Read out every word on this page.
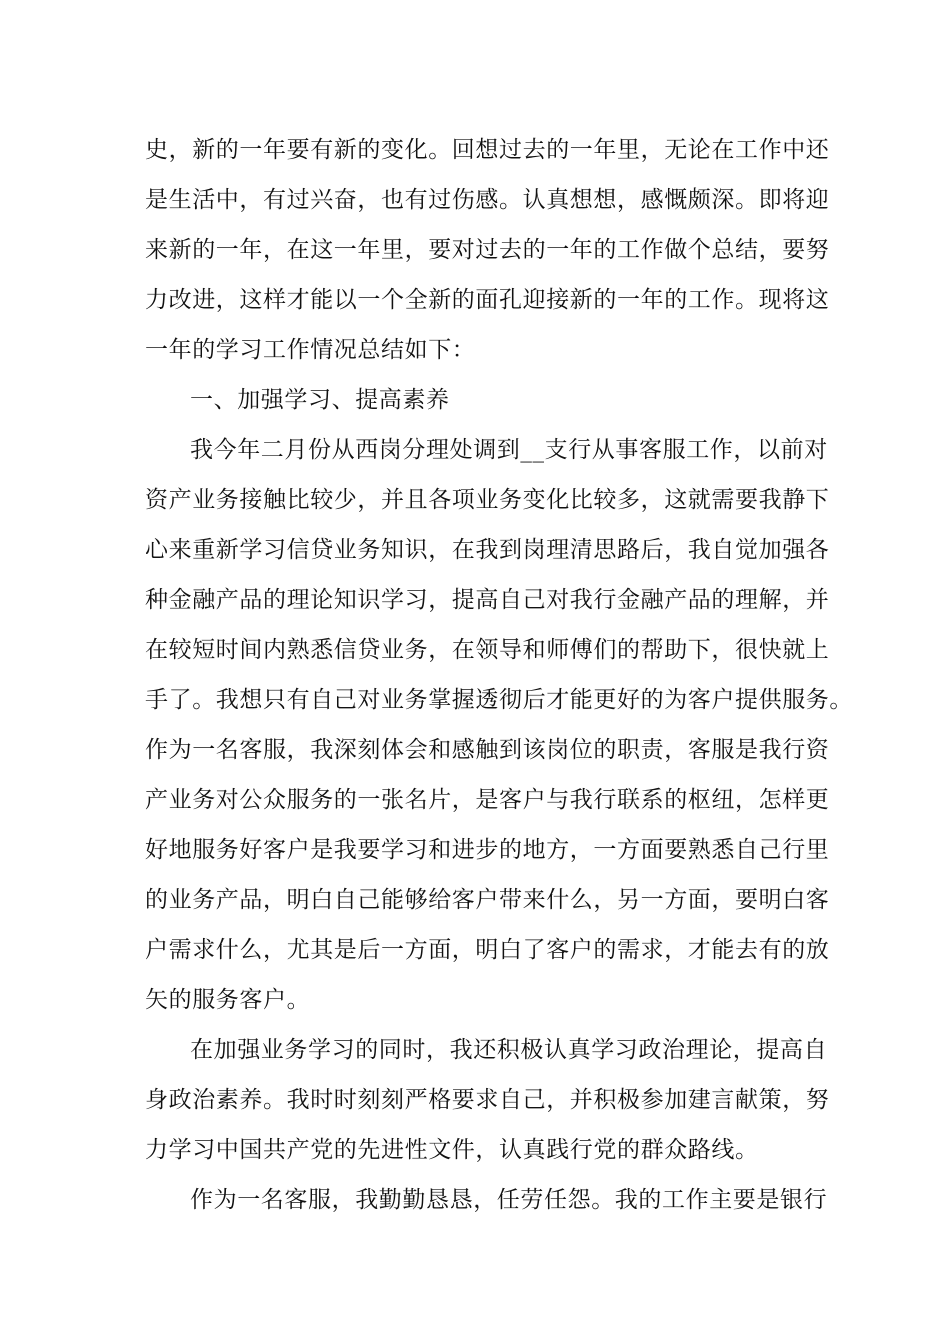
史，新的一年要有新的变化。回想过去的一年里，无论在工作中还
是生活中，有过兴奋，也有过伤感。认真想想，感慨颇深。即将迎
来新的一年，在这一年里，要对过去的一年的工作做个总结，要努
力改进，这样才能以一个全新的面孔迎接新的一年的工作。现将这
一年的学习工作情况总结如下：
一、加强学习、提高素养
我今年二月份从西岗分理处调到__支行从事客服工作，以前对
资产业务接触比较少，并且各项业务变化比较多，这就需要我静下
心来重新学习信贷业务知识，在我到岗理清思路后，我自觉加强各
种金融产品的理论知识学习，提高自己对我行金融产品的理解，并
在较短时间内熟悉信贷业务，在领导和师傅们的帮助下，很快就上
手了。我想只有自己对业务掌握透彻后才能更好的为客户提供服务。
作为一名客服，我深刻体会和感触到该岗位的职责，客服是我行资
产业务对公众服务的一张名片，是客户与我行联系的枢纽，怎样更
好地服务好客户是我要学习和进步的地方，一方面要熟悉自己行里
的业务产品，明白自己能够给客户带来什么，另一方面，要明白客
户需求什么，尤其是后一方面，明白了客户的需求，才能去有的放
矢的服务客户。
在加强业务学习的同时，我还积极认真学习政治理论，提高自
身政治素养。我时时刻刻严格要求自己，并积极参加建言献策，努
力学习中国共产党的先进性文件，认真践行党的群众路线。
作为一名客服，我勤勤恳恳，任劳任怨。我的工作主要是银行
